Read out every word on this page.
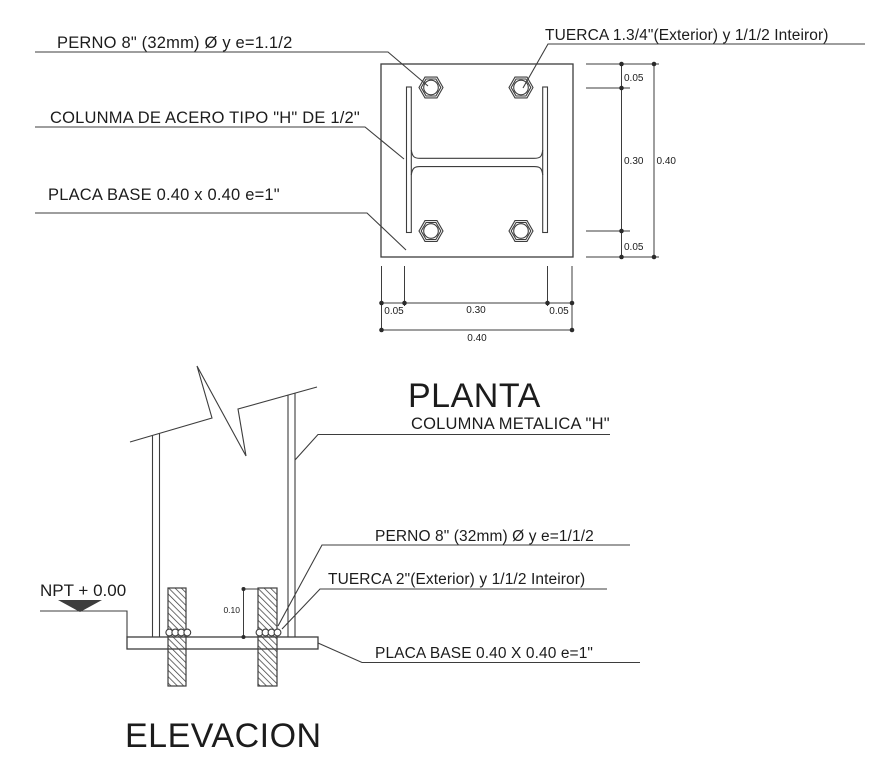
PERNO 8" (32mm) Ø y e=1.1/2	TUERCA 1.3/4"(Exterior) y 1/1/2 Inteiror)
COLUNMA DE ACERO TIPO "H" DE 1/2"
PLACA BASE 0.40 x 0.40 e=1"
0.05
0.30 0.40
0.05
0.05	0.30	0.05
0.40
PLANTA
COLUMNA METALICA "H"
NPT + 0.00
0.10
PERNO 8" (32mm) Ø y e=1/1/2
TUERCA 2"(Exterior) y 1/1/2 Inteiror)
PLACA BASE 0.40 X 0.40 e=1"
ELEVACION
